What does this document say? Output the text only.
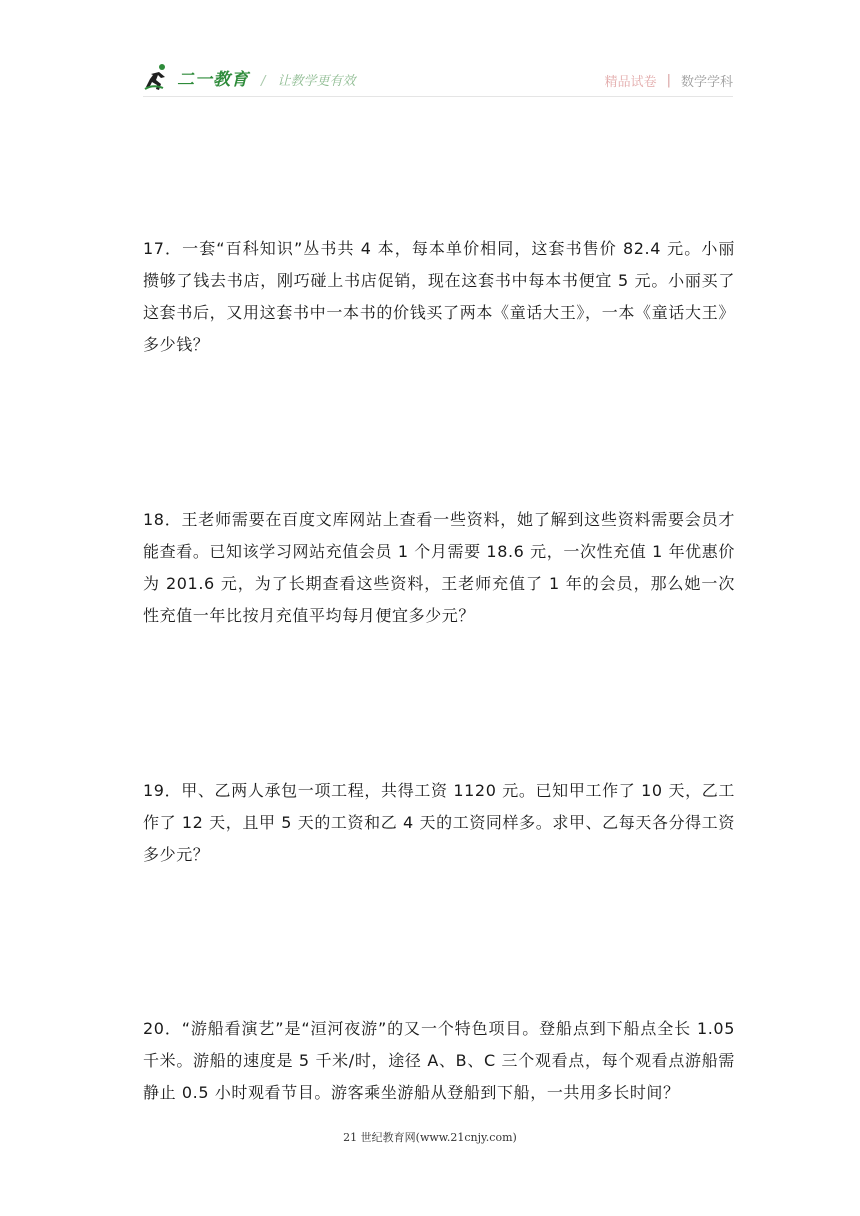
二一教育 / 让教学更有效	精品试卷 | 数学学科
17．一套“百科知识”丛书共 4 本，每本单价相同，这套书售价 82.4 元。小丽攒够了钱去书店，刚巧碰上书店促销，现在这套书中每本书便宜 5 元。小丽买了这套书后，又用这套书中一本书的价钱买了两本《童话大王》，一本《童话大王》多少钱？
18．王老师需要在百度文库网站上查看一些资料，她了解到这些资料需要会员才能查看。已知该学习网站充值会员 1 个月需要 18.6 元，一次性充值 1 年优惠价为 201.6 元，为了长期查看这些资料，王老师充值了 1 年的会员，那么她一次性充值一年比按月充值平均每月便宜多少元？
19．甲、乙两人承包一项工程，共得工资 1120 元。已知甲工作了 10 天，乙工作了 12 天，且甲 5 天的工资和乙 4 天的工资同样多。求甲、乙每天各分得工资多少元？
20．“游船看演艺”是“洹河夜游”的又一个特色项目。登船点到下船点全长 1.05 千米。游船的速度是 5 千米/时，途径 A、B、C 三个观看点，每个观看点游船需静止 0.5 小时观看节目。游客乘坐游船从登船到下船，一共用多长时间？
21 世纪教育网(www.21cnjy.com)
